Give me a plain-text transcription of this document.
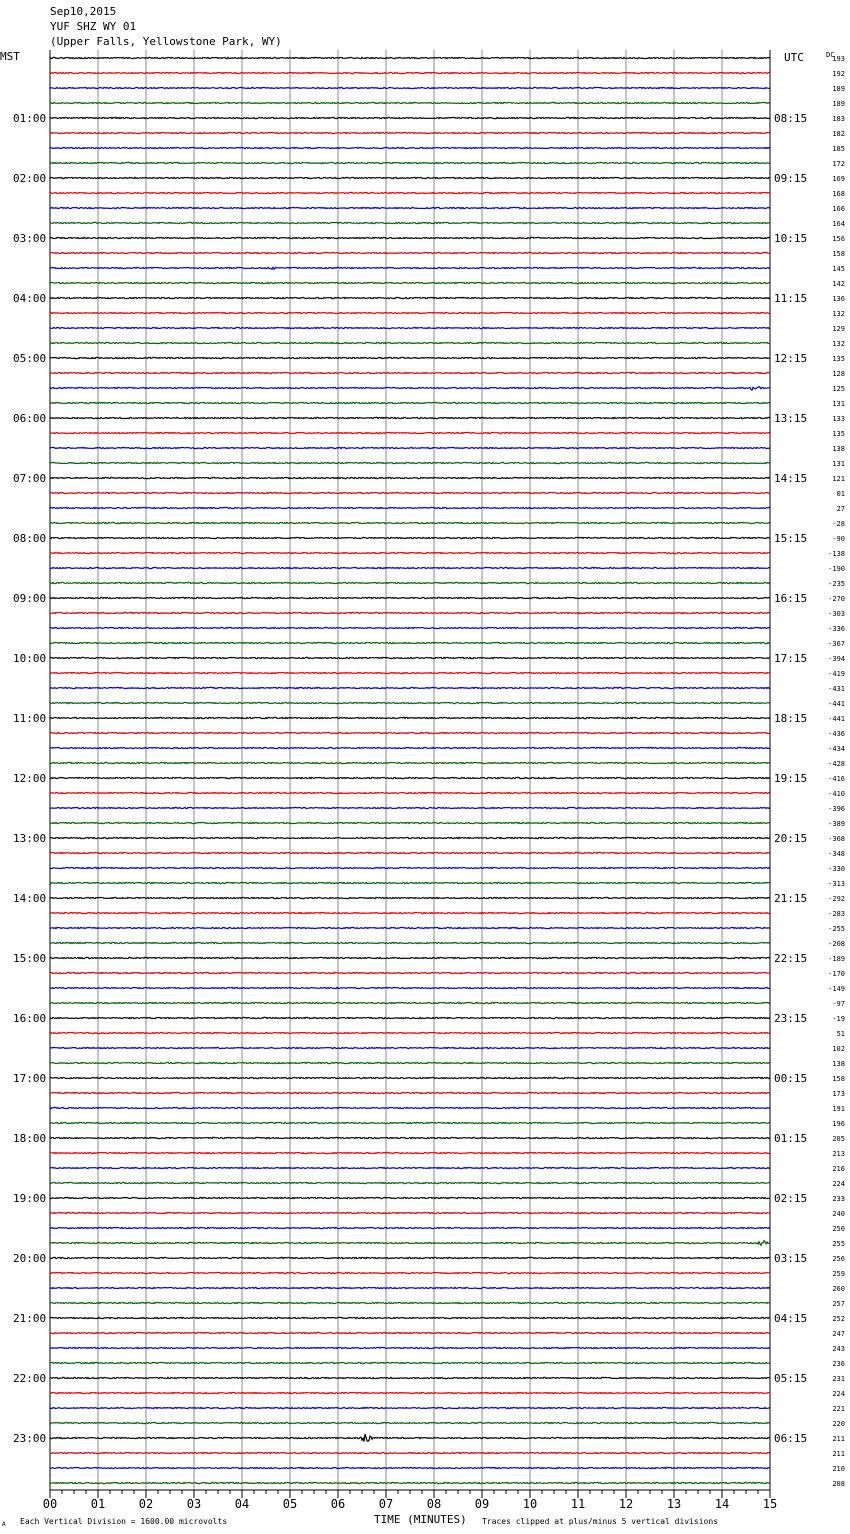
Sep10,2015
YUF SHZ WY 01
(Upper Falls, Yellowstone Park, WY)
00	01	02	03	04	05	06	07	08	09	10	11	12	13	14	15
01:00
02:00
03:00
04:00
05:00
06:00
07:00
08:00
09:00
10:00
11:00
12:00
13:00
14:00
15:00
16:00
17:00
18:00
19:00
20:00
21:00
22:00
23:00
08:15
09:15
10:15
11:15
12:15
13:15
14:15
15:15
16:15
17:15
18:15
19:15
20:15
21:15
22:15
23:15
00:15
01:15
02:15
03:15
04:15
05:15
06:15
193
192
189
189
183
182
185
172
169
168
166
164
156
158
145
142
136
132
129
132
135
128
125
131
133
135
138
131
121
01
27
-28
-90
-138
-190
-235
-270
-303
-336
-367
-394
-419
-431
-441
-441
-436
-434
-428
-416
-410
-396
-389
-368
-348
-330
-313
-292
-283
-255
-208
-189
-170
-149
-97
-19
51
102
138
158
173
191
196
205
213
216
224
233
240
250
255
256
259
260
257
252
247
243
236
231
224
221
220
211
211
210
208
MST	UTC	DC
TIME (MINUTES)
Each Vertical Division = 1600.00 microvolts	Traces clipped at plus/minus 5 vertical divisions
A
